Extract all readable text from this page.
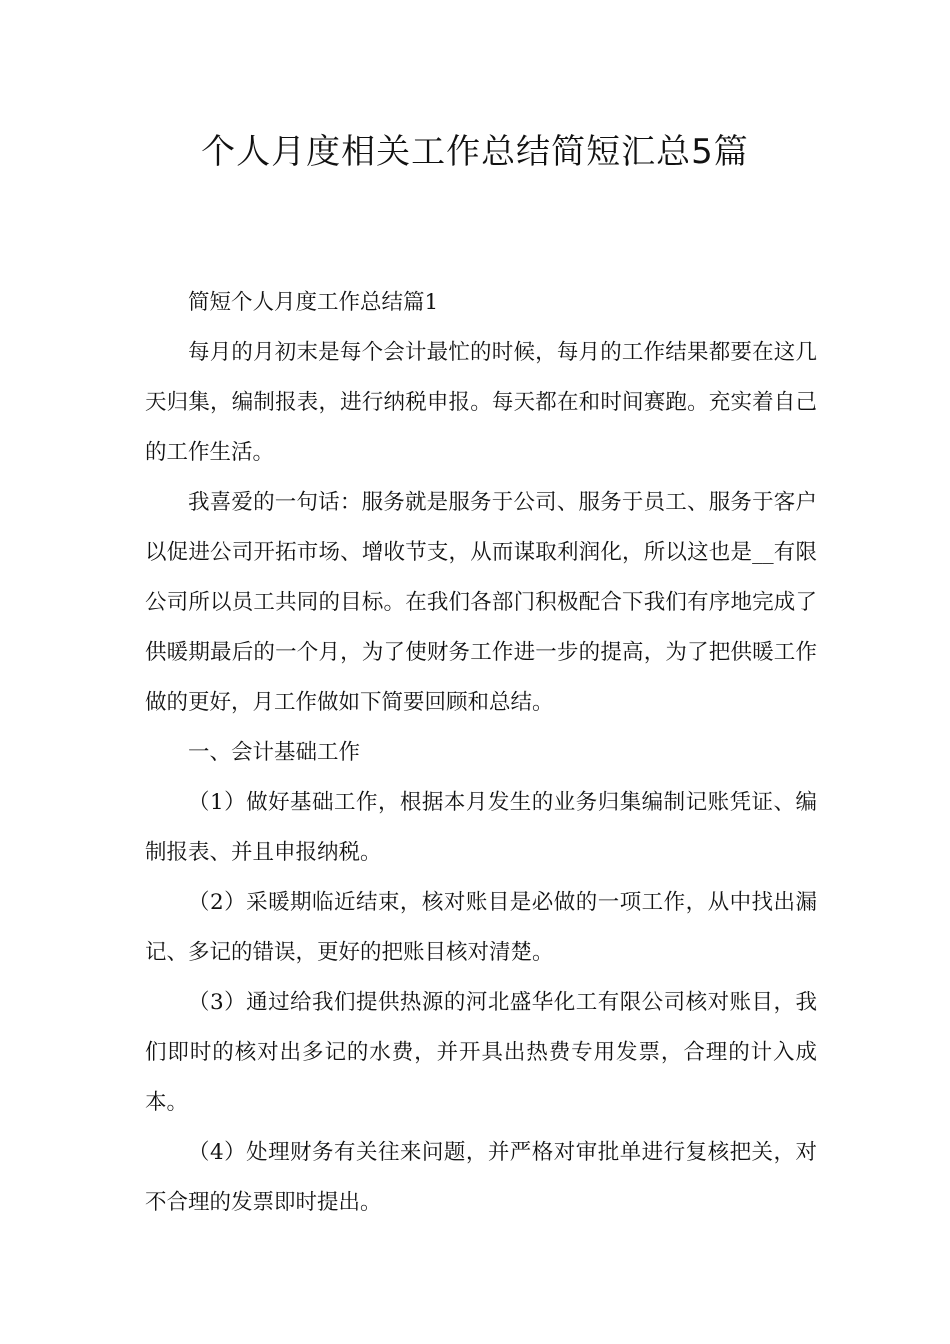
个人月度相关工作总结简短汇总5篇

简短个人月度工作总结篇1

每月的月初末是每个会计最忙的时候，每月的工作结果都要在这几天归集，编制报表，进行纳税申报。每天都在和时间赛跑。充实着自己的工作生活。

我喜爱的一句话：服务就是服务于公司、服务于员工、服务于客户以促进公司开拓市场、增收节支，从而谋取利润化，所以这也是__有限公司所以员工共同的目标。在我们各部门积极配合下我们有序地完成了供暖期最后的一个月，为了使财务工作进一步的提高，为了把供暖工作做的更好，月工作做如下简要回顾和总结。

一、会计基础工作

（1）做好基础工作，根据本月发生的业务归集编制记账凭证、编制报表、并且申报纳税。

（2）采暖期临近结束，核对账目是必做的一项工作，从中找出漏记、多记的错误，更好的把账目核对清楚。

（3）通过给我们提供热源的河北盛华化工有限公司核对账目，我们即时的核对出多记的水费，并开具出热费专用发票，合理的计入成本。

（4）处理财务有关往来问题，并严格对审批单进行复核把关，对不合理的发票即时提出。
